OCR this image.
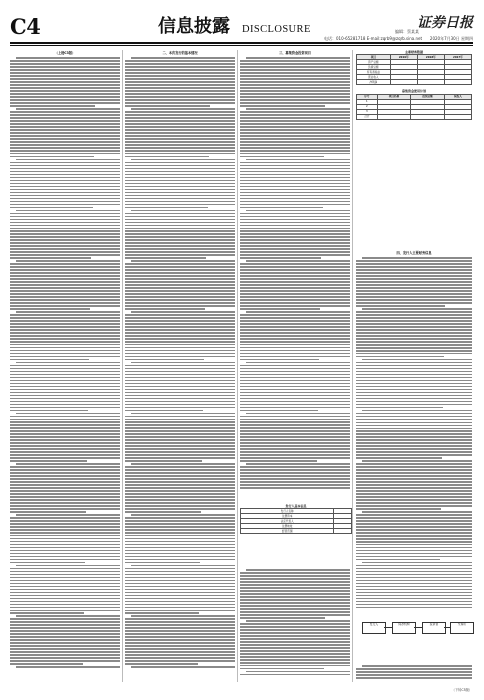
C4	信息披露 DISCLOSURE	编辑：蔡某某
电话：010-65281718 E-mail:zqrb9@zqrb.sina.net
证券日报
2020年7月30日 星期四
（上接C3版）	二、本次发行的基本情况	三、募集资金投资项目
发行人基本信息
发行人名称	
注册资本	
法定代表人	
注册地址	
经营范围	
主要财务数据
项目	2019年	2018年	2017年
资产总额			
负债总额			
所有者权益			
营业收入			
净利润			
募集资金使用计划
序号	项目名称	投资总额	拟投入
1			
2			
3			
合计			
四、发行人主要财务信息
发行人	保荐机构	投资者	交易所
（下转C5版）
